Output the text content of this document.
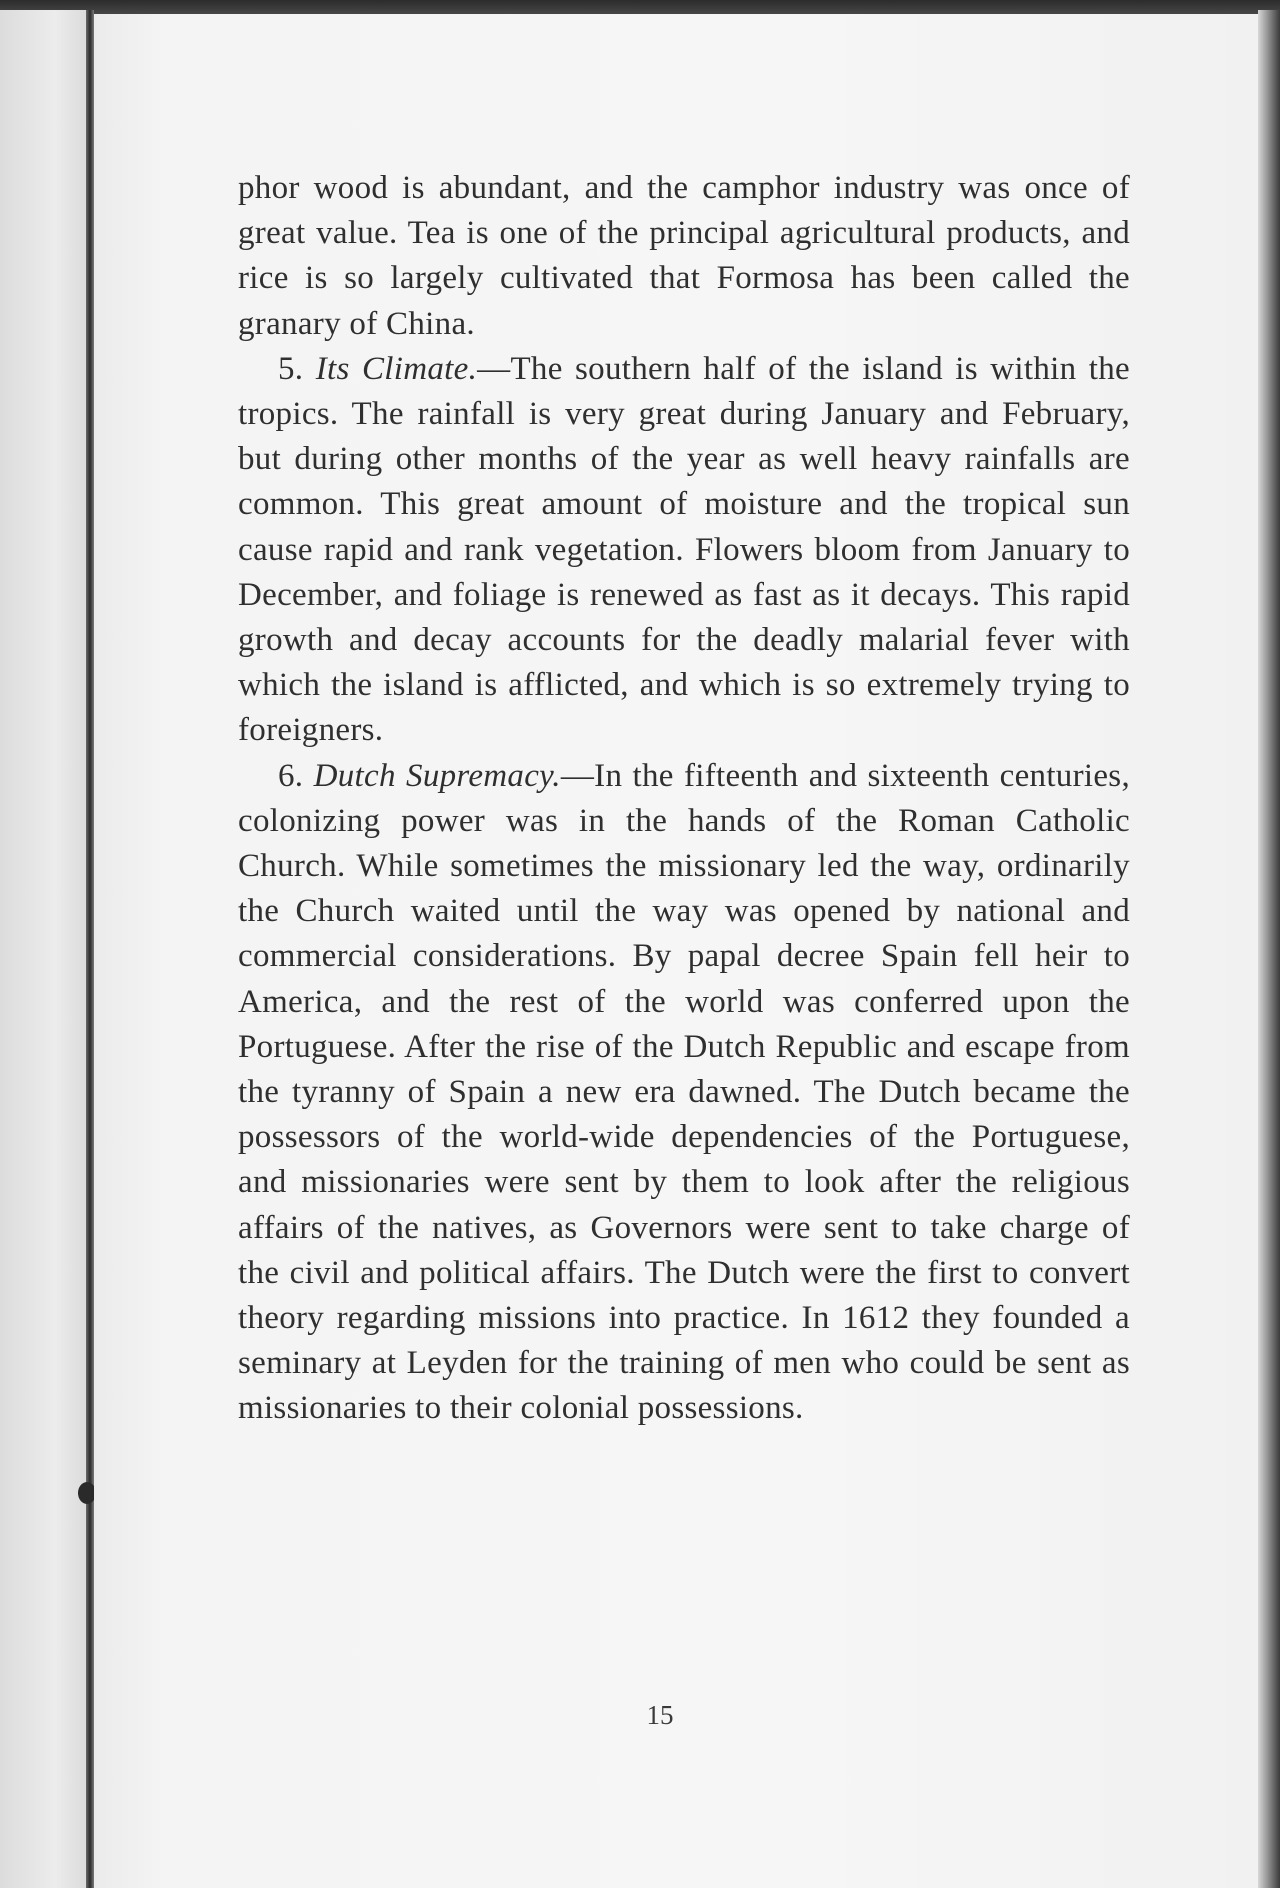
phor wood is abundant, and the camphor industry was once of great value. Tea is one of the principal agricultural products, and rice is so largely cultivated that Formosa has been called the granary of China.

5. Its Climate.—The southern half of the island is within the tropics. The rainfall is very great during January and February, but during other months of the year as well heavy rainfalls are common. This great amount of moisture and the tropical sun cause rapid and rank vegetation. Flowers bloom from January to December, and foliage is renewed as fast as it decays. This rapid growth and decay accounts for the deadly malarial fever with which the island is afflicted, and which is so extremely trying to foreigners.

6. Dutch Supremacy.—In the fifteenth and sixteenth centuries, colonizing power was in the hands of the Roman Catholic Church. While sometimes the missionary led the way, ordinarily the Church waited until the way was opened by national and commercial considerations. By papal decree Spain fell heir to America, and the rest of the world was conferred upon the Portuguese. After the rise of the Dutch Republic and escape from the tyranny of Spain a new era dawned. The Dutch became the possessors of the world-wide dependencies of the Portuguese, and missionaries were sent by them to look after the religious affairs of the natives, as Governors were sent to take charge of the civil and political affairs. The Dutch were the first to convert theory regarding missions into practice. In 1612 they founded a seminary at Leyden for the training of men who could be sent as missionaries to their colonial possessions.

15
